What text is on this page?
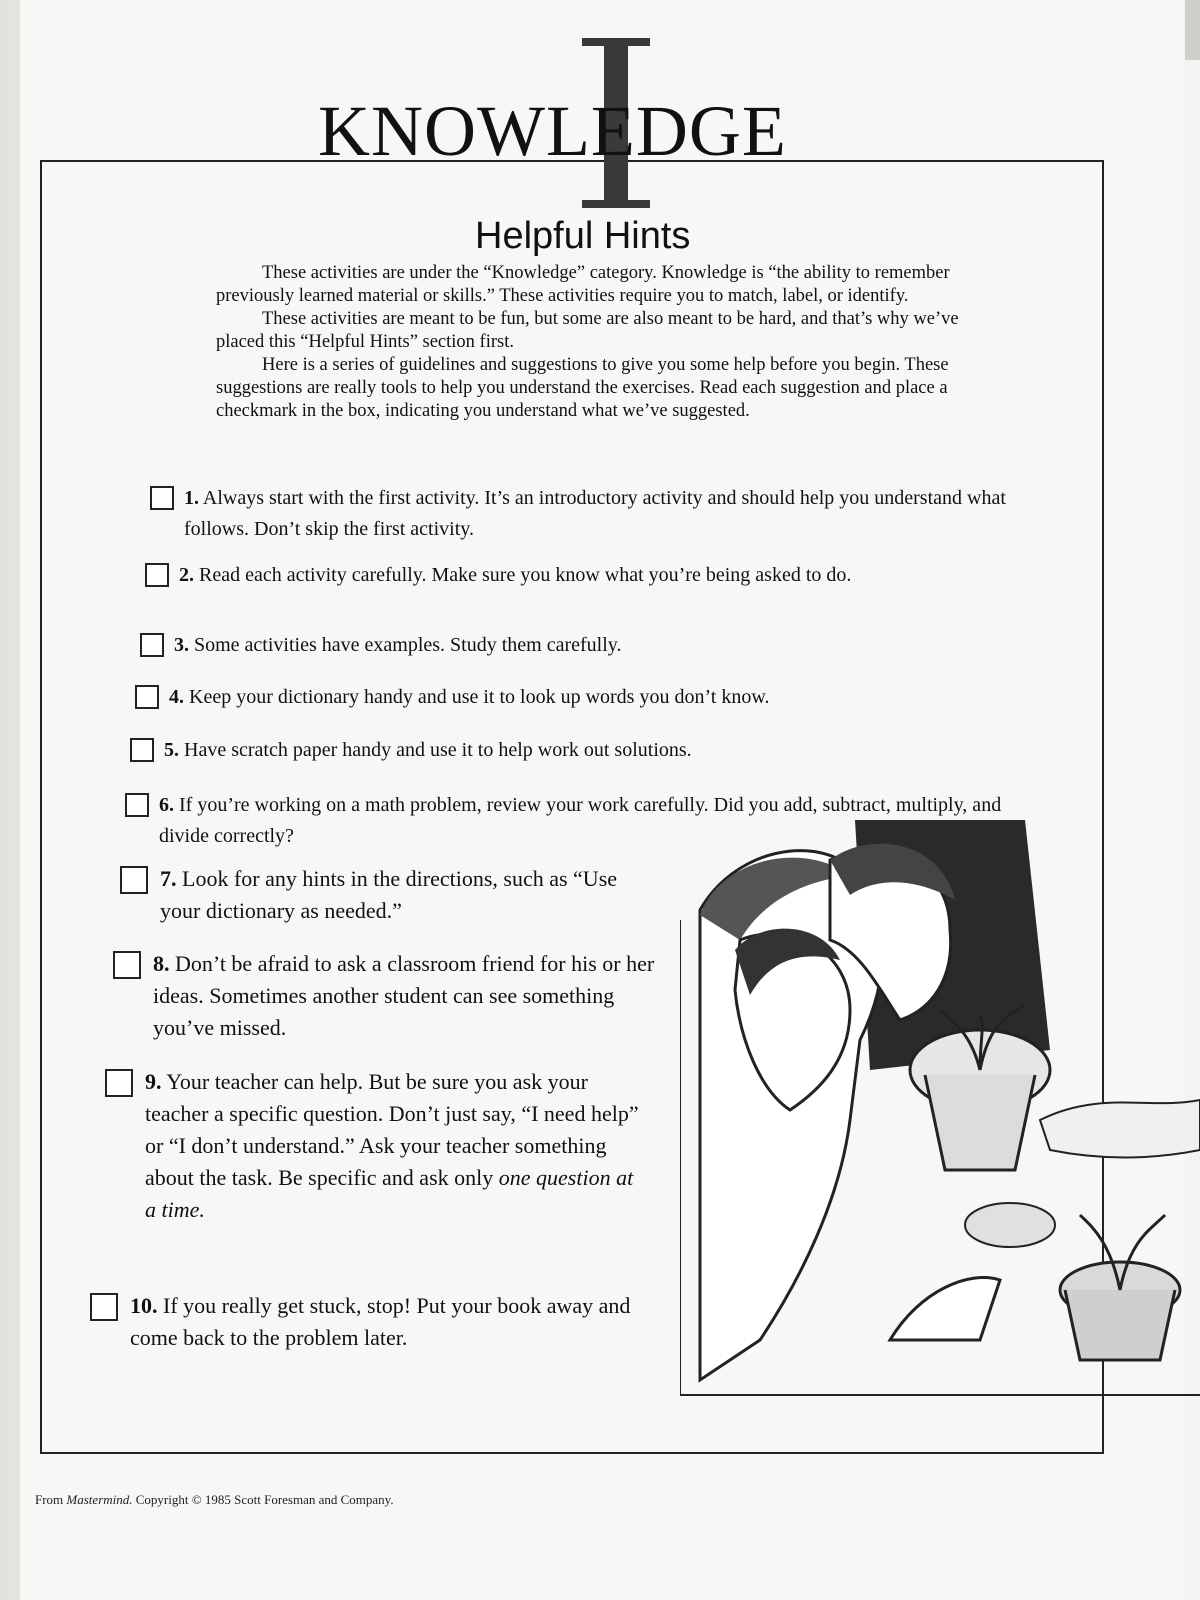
KNOWLEDGE
Helpful Hints

These activities are under the “Knowledge” category. Knowledge is “the ability to remember previously learned material or skills.” These activities require you to match, label, or identify.

These activities are meant to be fun, but some are also meant to be hard, and that’s why we’ve placed this “Helpful Hints” section first.

Here is a series of guidelines and suggestions to give you some help before you begin. These suggestions are really tools to help you understand the exercises. Read each suggestion and place a checkmark in the box, indicating you understand what we’ve suggested.

1. Always start with the first activity. It’s an introductory activity and should help you understand what follows. Don’t skip the first activity.
2. Read each activity carefully. Make sure you know what you’re being asked to do.
3. Some activities have examples. Study them carefully.
4. Keep your dictionary handy and use it to look up words you don’t know.
5. Have scratch paper handy and use it to help work out solutions.
6. If you’re working on a math problem, review your work carefully. Did you add, subtract, multiply, and divide correctly?
7. Look for any hints in the directions, such as “Use your dictionary as needed.”
8. Don’t be afraid to ask a classroom friend for his or her ideas. Sometimes another student can see something you’ve missed.
9. Your teacher can help. But be sure you ask your teacher a specific question. Don’t just say, “I need help” or “I don’t understand.” Ask your teacher something about the task. Be specific and ask only one question at a time.
10. If you really get stuck, stop! Put your book away and come back to the problem later.
From Mastermind. Copyright © 1985 Scott Foresman and Company.
